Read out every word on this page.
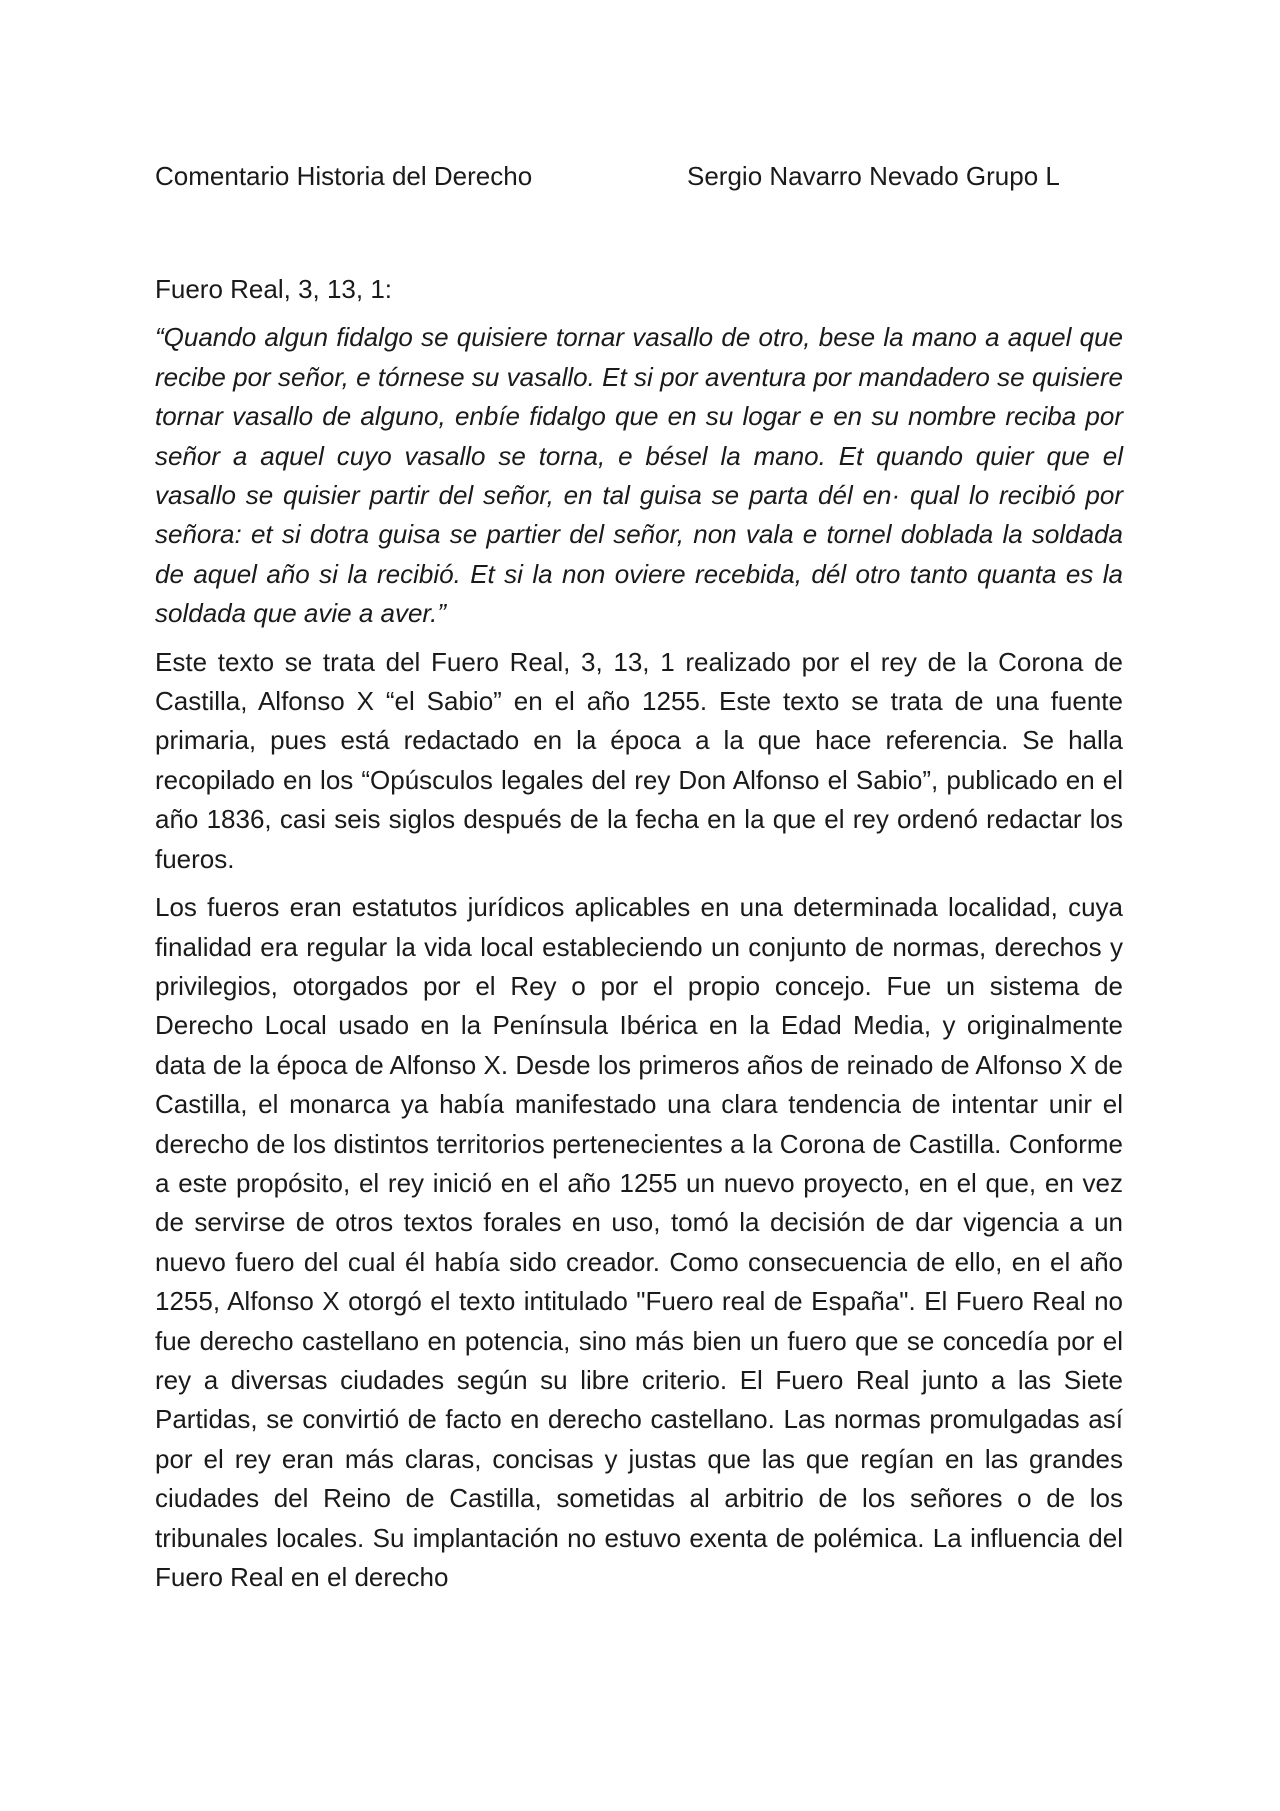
Comentario Historia del Derecho	Sergio Navarro Nevado Grupo L

Fuero Real, 3, 13, 1:

“Quando algun fidalgo se quisiere tornar vasallo de otro, bese la mano a aquel que recibe por señor, e tórnese su vasallo. Et si por aventura por mandadero se quisiere tornar vasallo de alguno, enbíe fidalgo que en su logar e en su nombre reciba por señor a aquel cuyo vasallo se torna, e bésel la mano. Et quando quier que el vasallo se quisier partir del señor, en tal guisa se parta dél en· qual lo recibió por señora: et si dotra guisa se partier del señor, non vala e tornel doblada la soldada de aquel año si la recibió. Et si la non oviere recebida, dél otro tanto quanta es la soldada que avie a aver.”

Este texto se trata del Fuero Real, 3, 13, 1 realizado por el rey de la Corona de Castilla, Alfonso X “el Sabio” en el año 1255. Este texto se trata de una fuente primaria, pues está redactado en la época a la que hace referencia. Se halla recopilado en los “Opúsculos legales del rey Don Alfonso el Sabio”, publicado en el año 1836, casi seis siglos después de la fecha en la que el rey ordenó redactar los fueros.

Los fueros eran estatutos jurídicos aplicables en una determinada localidad, cuya finalidad era regular la vida local estableciendo un conjunto de normas, derechos y privilegios, otorgados por el Rey o por el propio concejo. Fue un sistema de Derecho Local usado en la Península Ibérica en la Edad Media, y originalmente data de la época de Alfonso X. Desde los primeros años de reinado de Alfonso X de Castilla, el monarca ya había manifestado una clara tendencia de intentar unir el derecho de los distintos territorios pertenecientes a la Corona de Castilla. Conforme a este propósito, el rey inició en el año 1255 un nuevo proyecto, en el que, en vez de servirse de otros textos forales en uso, tomó la decisión de dar vigencia a un nuevo fuero del cual él había sido creador. Como consecuencia de ello, en el año 1255, Alfonso X otorgó el texto intitulado "Fuero real de España". El Fuero Real no fue derecho castellano en potencia, sino más bien un fuero que se concedía por el rey a diversas ciudades según su libre criterio. El Fuero Real junto a las Siete Partidas, se convirtió de facto en derecho castellano. Las normas promulgadas así por el rey eran más claras, concisas y justas que las que regían en las grandes ciudades del Reino de Castilla, sometidas al arbitrio de los señores o de los tribunales locales. Su implantación no estuvo exenta de polémica. La influencia del Fuero Real en el derecho
